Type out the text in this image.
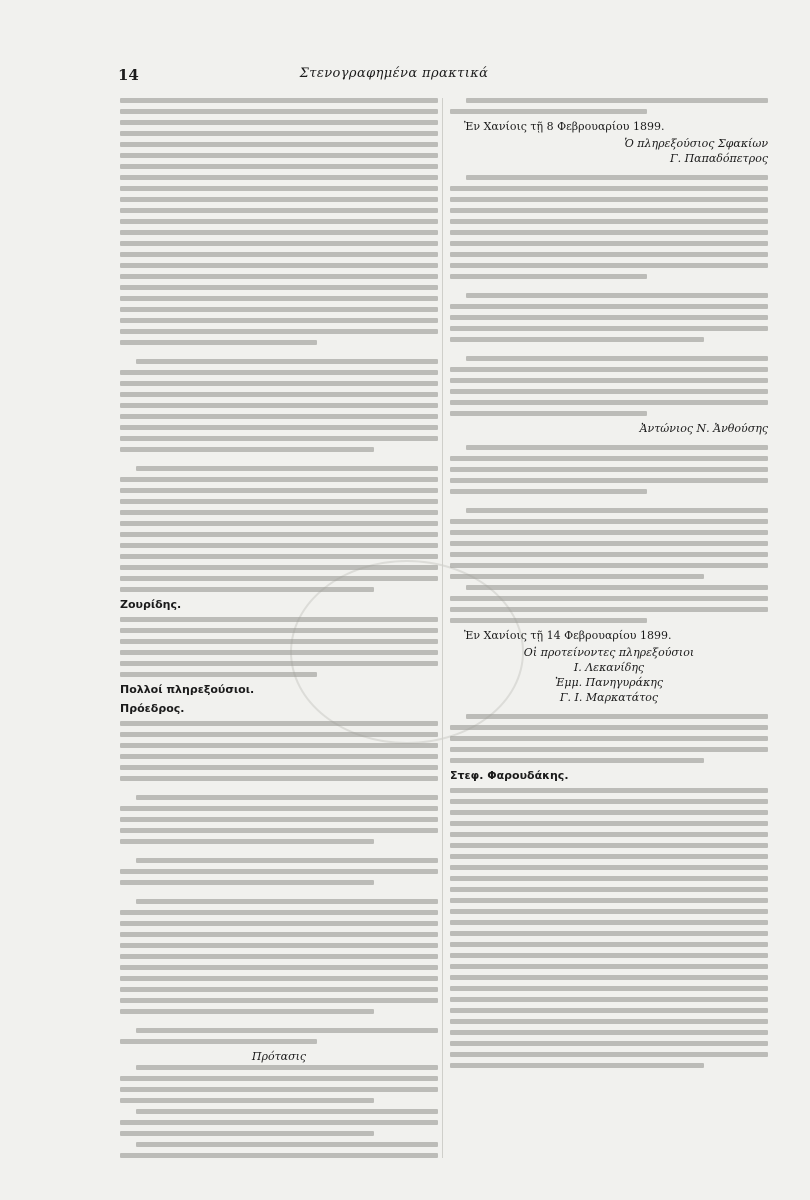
14	Στενογραφημένα πρακτικά
Ζουρίδης.
Πολλοί πληρεξούσιοι.
Πρόεδρος.
Πρότασις
Ἐν Χανίοις τῇ 8 Φεβρουαρίου 1899.
Ὁ πληρεξούσιος Σφακίων
Γ. Παπαδόπετρος
Ἀντώνιος Ν. Ἀνθούσης
Ἐν Χανίοις τῇ 14 Φεβρουαρίου 1899.
Οἱ προτείνοντες πληρεξούσιοι
Ι. Λεκανίδης
Ἐμμ. Πανηγυράκης
Γ. Ι. Μαρκατάτος
Στεφ. Φαρουδάκης.
